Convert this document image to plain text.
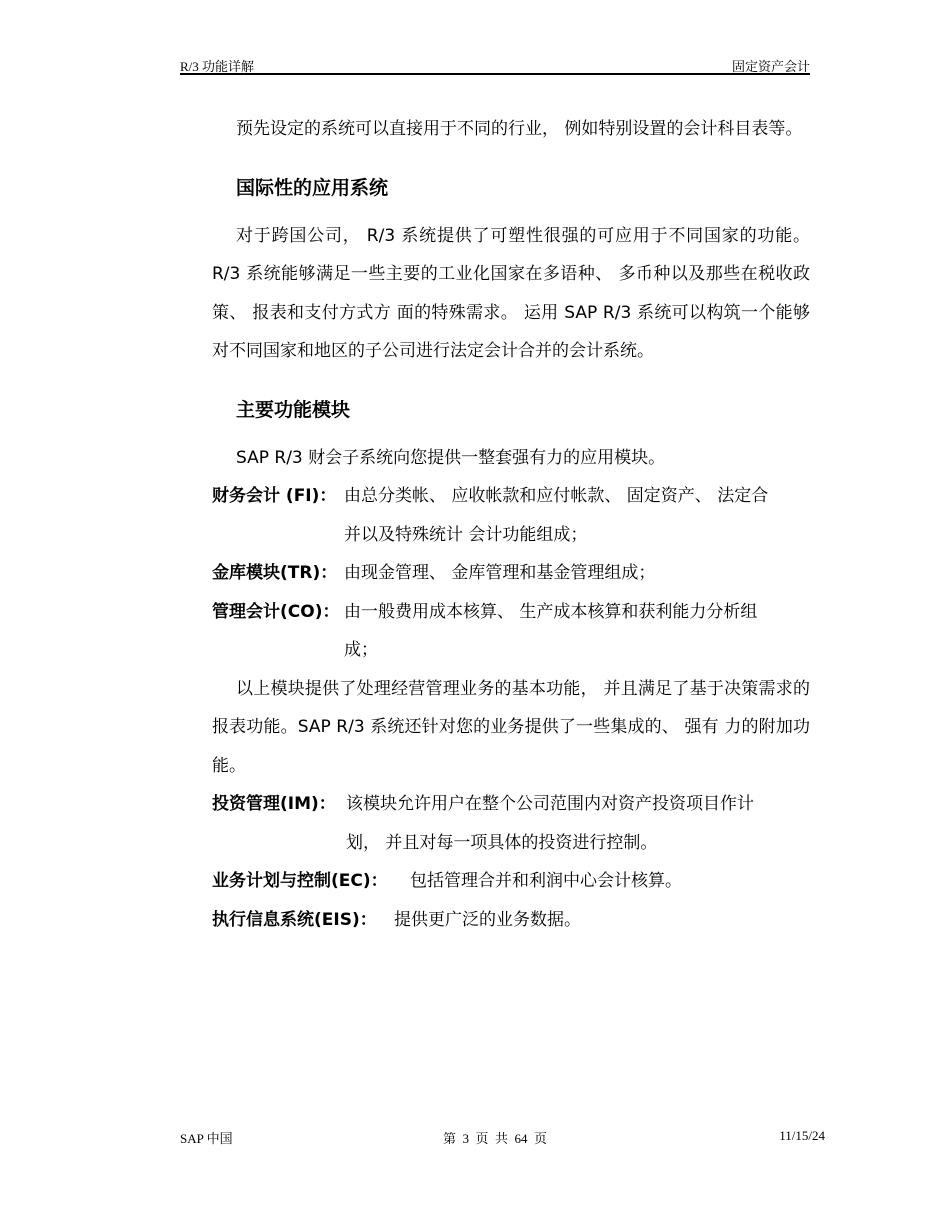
R/3 功能详解	固定资产会计

预先设定的系统可以直接用于不同的行业， 例如特别设置的会计科目表等。

国际性的应用系统

对于跨国公司， R/3 系统提供了可塑性很强的可应用于不同国家的功能。 R/3 系统能够满足一些主要的工业化国家在多语种、 多币种以及那些在税收政策、 报表和支付方式方 面的特殊需求。 运用 SAP R/3 系统可以构筑一个能够对不同国家和地区的子公司进行法定会计合并的会计系统。

主要功能模块

SAP R/3 财会子系统向您提供一整套强有力的应用模块。

财务会计 (FI)： 由总分类帐、 应收帐款和应付帐款、 固定资产、 法定合
并以及特殊统计 会计功能组成；
金库模块(TR)： 由现金管理、 金库管理和基金管理组成；
管理会计(CO)： 由一般费用成本核算、 生产成本核算和获利能力分析组
成；

以上模块提供了处理经营管理业务的基本功能， 并且满足了基于决策需求的报表功能。SAP R/3 系统还针对您的业务提供了一些集成的、 强有 力的附加功能。

投资管理(IM)： 该模块允许用户在整个公司范围内对资产投资项目作计
划， 并且对每一项具体的投资进行控制。
业务计划与控制(EC)：	包括管理合并和利润中心会计核算。
执行信息系统(EIS)：	提供更广泛的业务数据。
SAP 中国	第 3 页 共 64 页	11/15/24
